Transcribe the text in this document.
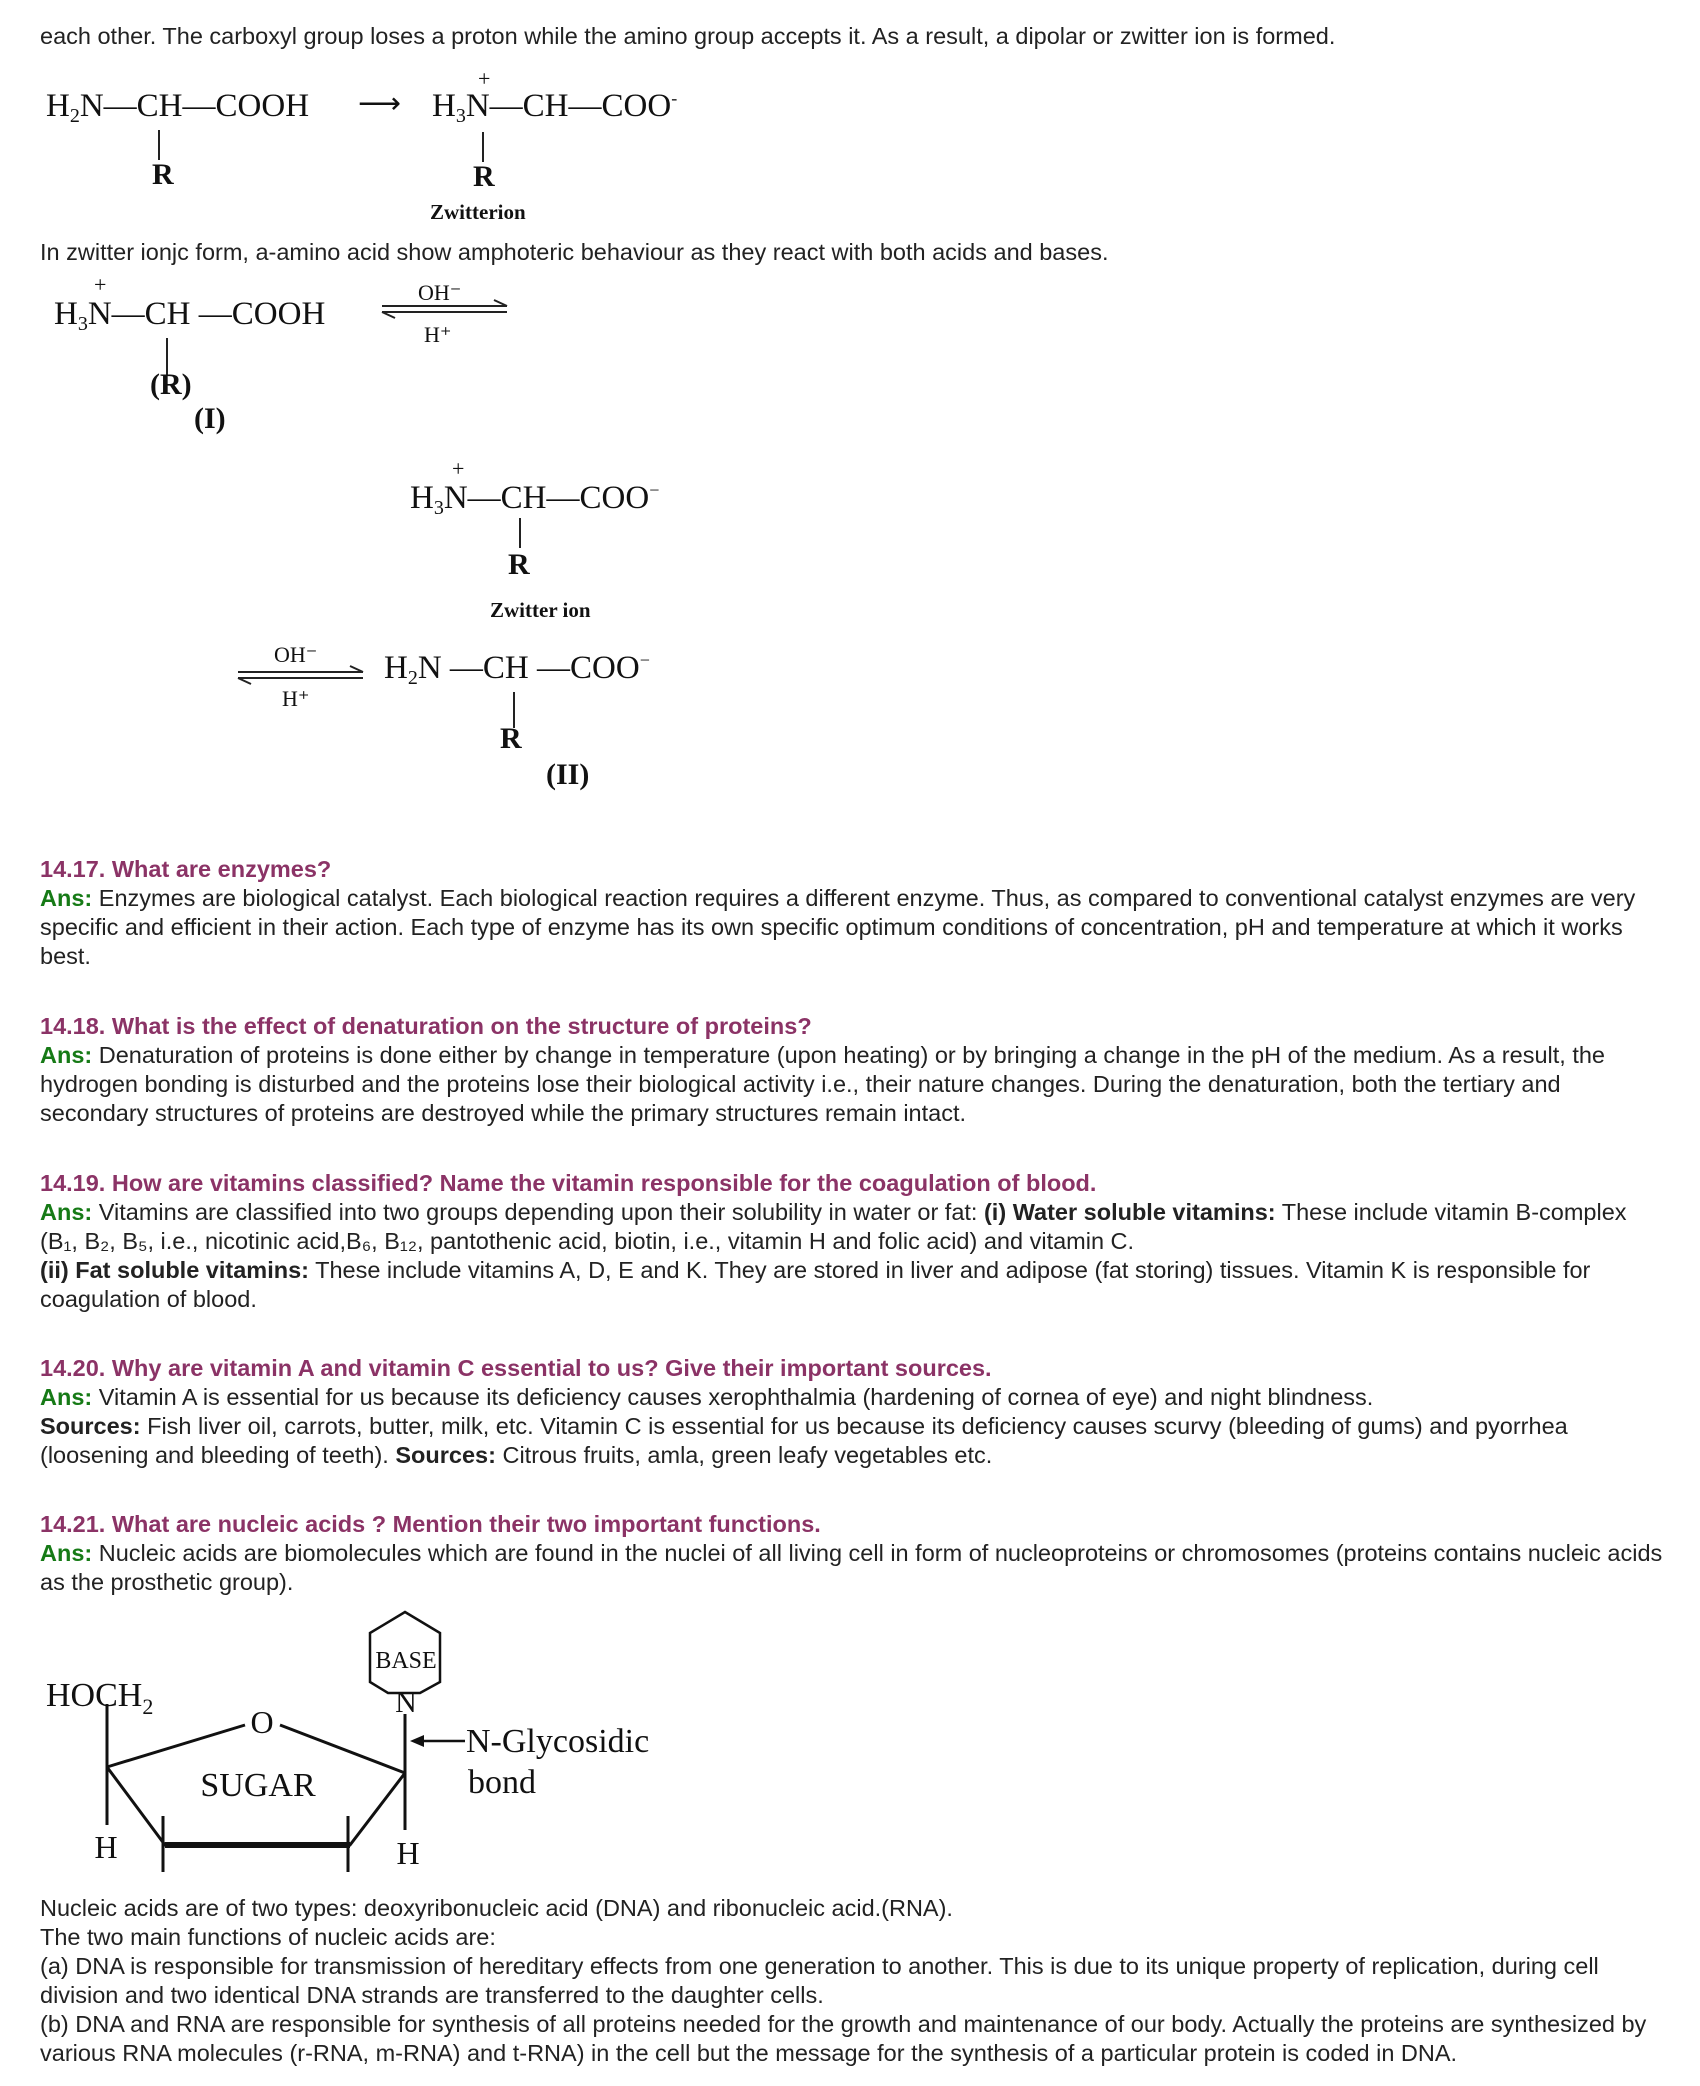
each other. The carboxyl group loses a proton while the amino group accepts it. As a result, a dipolar or zwitter ion is formed.

$H_2N—CH—COOH$ ⟶ $H_3N—CH—COO^-$
+
R	R
Zwitterion

In zwitter ionjc form, a-amino acid show amphoteric behaviour as they react with both acids and bases.

+
$H_3N—CH$ —COOH
(R)
(I)
OH⁻
H⁺
+
$H_3N—CH—COO^-$
R
Zwitter ion
OH⁻
H⁺
$H_2N$ —CH —COO−
R
(II)

14.17. What are enzymes?

Ans: Enzymes are biological catalyst. Each biological reaction requires a different enzyme. Thus, as compared to conventional catalyst enzymes are very specific and efficient in their action. Each type of enzyme has its own specific optimum conditions of concentration, pH and temperature at which it works best.

14.18. What is the effect of denaturation on the structure of proteins?

Ans: Denaturation of proteins is done either by change in temperature (upon heating) or by bringing a change in the pH of the medium. As a result, the hydrogen bonding is disturbed and the proteins lose their biological activity i.e., their nature changes. During the denaturation, both the tertiary and secondary structures of proteins are destroyed while the primary structures remain intact.

14.19. How are vitamins classified? Name the vitamin responsible for the coagulation of blood.

Ans: Vitamins are classified into two groups depending upon their solubility in water or fat: (i) Water soluble vitamins: These include vitamin B-complex (B₁, B₂, B₅, i.e., nicotinic acid,B₆, B₁₂, pantothenic acid, biotin, i.e., vitamin H and folic acid) and vitamin C.
(ii) Fat soluble vitamins: These include vitamins A, D, E and K. They are stored in liver and adipose (fat storing) tissues. Vitamin K is responsible for coagulation of blood.

14.20. Why are vitamin A and vitamin C essential to us? Give their important sources.

Ans: Vitamin A is essential for us because its deficiency causes xerophthalmia (hardening of cornea of eye) and night blindness.
Sources: Fish liver oil, carrots, butter, milk, etc. Vitamin C is essential for us because its deficiency causes scurvy (bleeding of gums) and pyorrhea (loosening and bleeding of teeth). Sources: Citrous fruits, amla, green leafy vegetables etc.

14.21. What are nucleic acids ? Mention their two important functions.

Ans: Nucleic acids are biomolecules which are found in the nuclei of all living cell in form of nucleoproteins or chromosomes (proteins contains nucleic acids as the prosthetic group).

BASE
N
$HOCH_2$	O
H	H
SUGAR
N-Glycosidic
bond

Nucleic acids are of two types: deoxyribonucleic acid (DNA) and ribonucleic acid.(RNA).

The two main functions of nucleic acids are:

(a) DNA is responsible for transmission of hereditary effects from one generation to another. This is due to its unique property of replication, during cell division and two identical DNA strands are transferred to the daughter cells.

(b) DNA and RNA are responsible for synthesis of all proteins needed for the growth and maintenance of our body. Actually the proteins are synthesized by various RNA molecules (r-RNA, m-RNA) and t-RNA) in the cell but the message for the synthesis of a particular protein is coded in DNA.
